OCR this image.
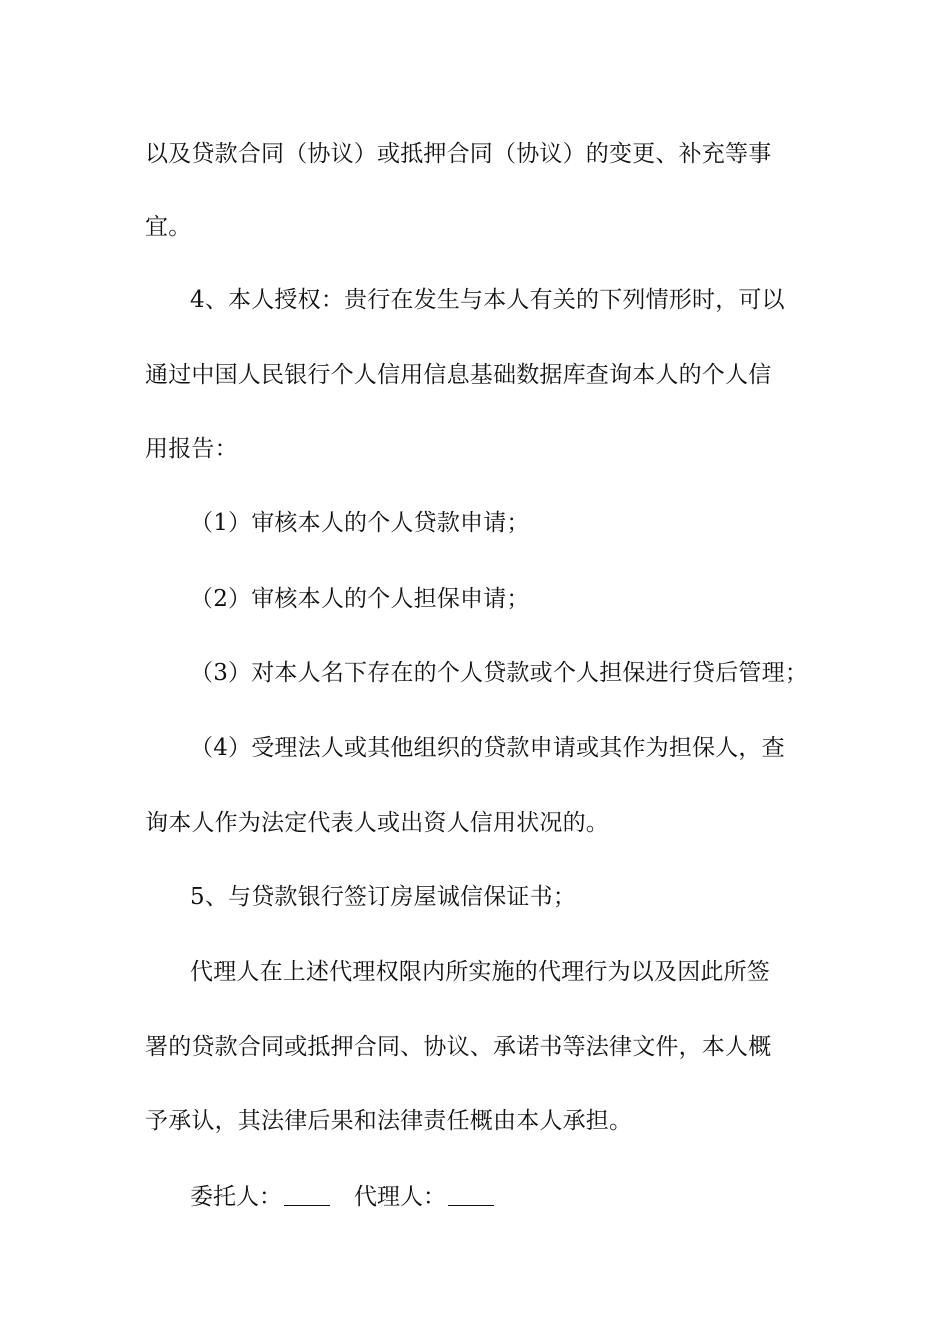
以及贷款合同（协议）或抵押合同（协议）的变更、补充等事
宜。
4、本人授权：贵行在发生与本人有关的下列情形时，可以
通过中国人民银行个人信用信息基础数据库查询本人的个人信
用报告：
（1）审核本人的个人贷款申请；
（2）审核本人的个人担保申请；
（3）对本人名下存在的个人贷款或个人担保进行贷后管理；
（4）受理法人或其他组织的贷款申请或其作为担保人，查
询本人作为法定代表人或出资人信用状况的。
5、与贷款银行签订房屋诚信保证书；
代理人在上述代理权限内所实施的代理行为以及因此所签
署的贷款合同或抵押合同、协议、承诺书等法律文件，本人概
予承认，其法律后果和法律责任概由本人承担。
委托人：	代理人：
